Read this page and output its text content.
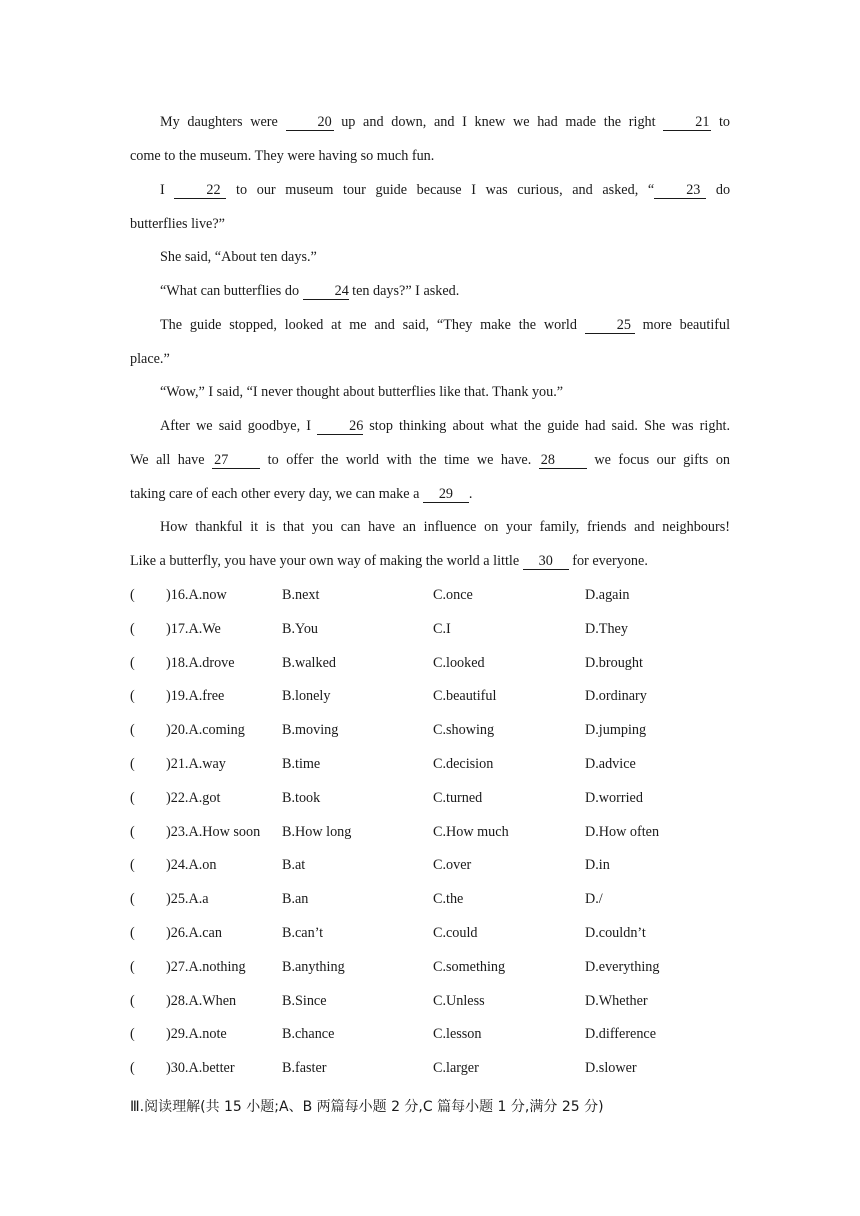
My daughters were	20 up and down, and I knew we had made the right	21 to
come to the museum. They were having so much fun.
I	22 to our museum tour guide because I was curious, and asked, “ 23 do
butterflies live?”
She said, “About ten days.”
“What can butterflies do	24 ten days?” I asked.
The guide stopped, looked at me and said, “They make the world	25 more beautiful
place.”
“Wow,” I said, “I never thought about butterflies like that. Thank you.”
After we said goodbye, I	26 stop thinking about what the guide had said. She was right.
We all have 27	to offer the world with the time we have. 28	we focus our gifts on
taking care of each other every day, we can make a 29 .
How thankful it is that you can have an influence on your family, friends and neighbours!
Like a butterfly, you have your own way of making the world a little 30 for everyone.
( )16.A.now	B.next	C.once	D.again
( )17.A.We	B.You	C.I	D.They
( )18.A.drove	B.walked	C.looked	D.brought
( )19.A.free	B.lonely	C.beautiful	D.ordinary
( )20.A.coming	B.moving	C.showing	D.jumping
( )21.A.way	B.time	C.decision	D.advice
( )22.A.got	B.took	C.turned	D.worried
( )23.A.How soon B.How long	C.How much	D.How often
( )24.A.on	B.at	C.over	D.in
( )25.A.a	B.an	C.the	D./
( )26.A.can	B.can’t	C.could	D.couldn’t
( )27.A.nothing	B.anything	C.something	D.everything
( )28.A.When	B.Since	C.Unless	D.Whether
( )29.A.note	B.chance	C.lesson	D.difference
( )30.A.better	B.faster	C.larger	D.slower
Ⅲ.阅读理解(共 15 小题;A、B 两篇每小题 2 分,C 篇每小题 1 分,满分 25 分)
